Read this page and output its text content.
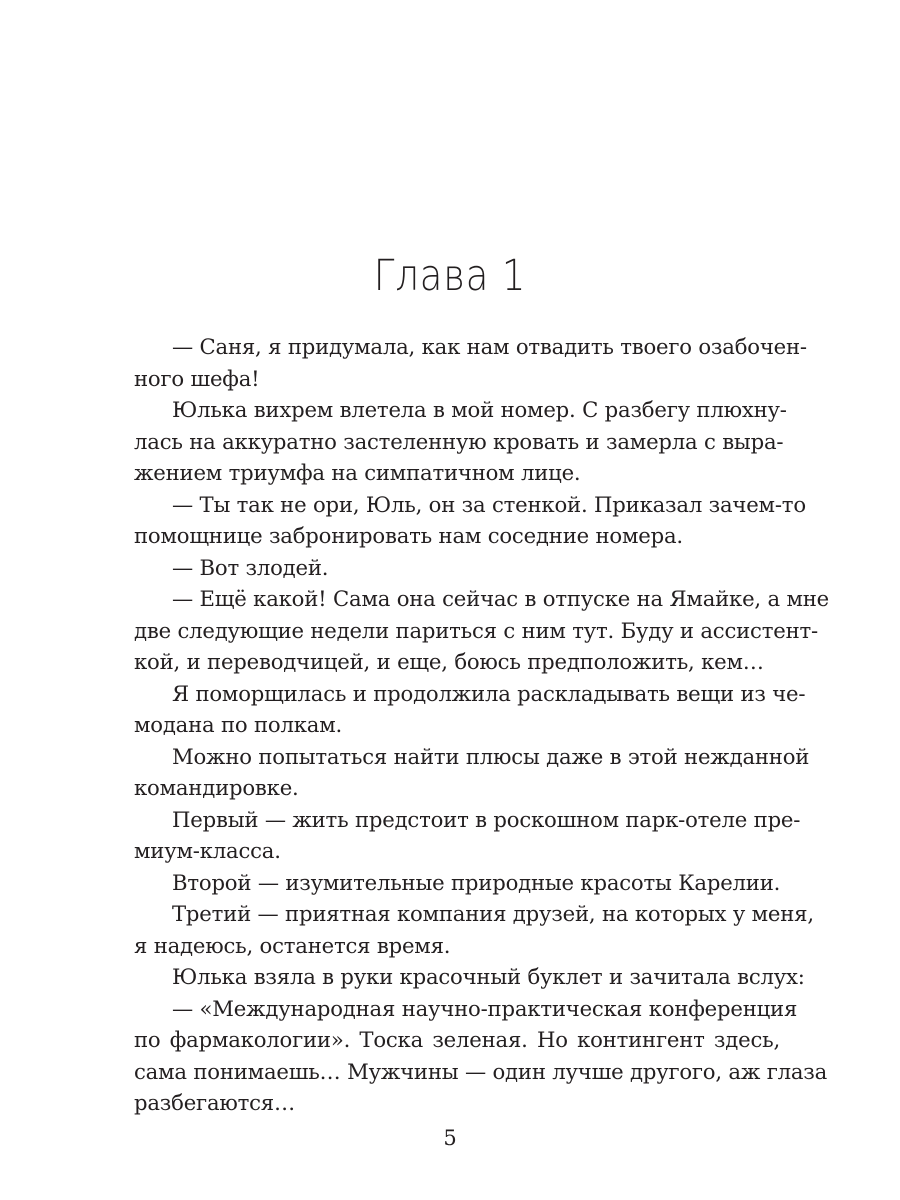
Глава 1
— Саня, я придумала, как нам отвадить твоего озабочен-
ного шефа!
Юлька вихрем влетела в мой номер. С разбегу плюхну-
лась на аккуратно застеленную кровать и замерла с выра-
жением триумфа на симпатичном лице.
— Ты так не ори, Юль, он за стенкой. Приказал зачем-то
помощнице забронировать нам соседние номера.
— Вот злодей.
— Ещё какой! Сама она сейчас в отпуске на Ямайке, а мне
две следующие недели париться с ним тут. Буду и ассистент-
кой, и переводчицей, и еще, боюсь предположить, кем…
Я поморщилась и продолжила раскладывать вещи из че-
модана по полкам.
Можно попытаться найти плюсы даже в этой нежданной
командировке.
Первый — жить предстоит в роскошном парк-отеле пре-
миум-класса.
Второй — изумительные природные красоты Карелии.
Третий — приятная компания друзей, на которых у меня,
я надеюсь, останется время.
Юлька взяла в руки красочный буклет и зачитала вслух:
— «Международная научно-практическая конференция
по фармакологии». Тоска зеленая. Но контингент здесь,
сама понимаешь… Мужчины — один лучше другого, аж глаза
разбегаются…
5
